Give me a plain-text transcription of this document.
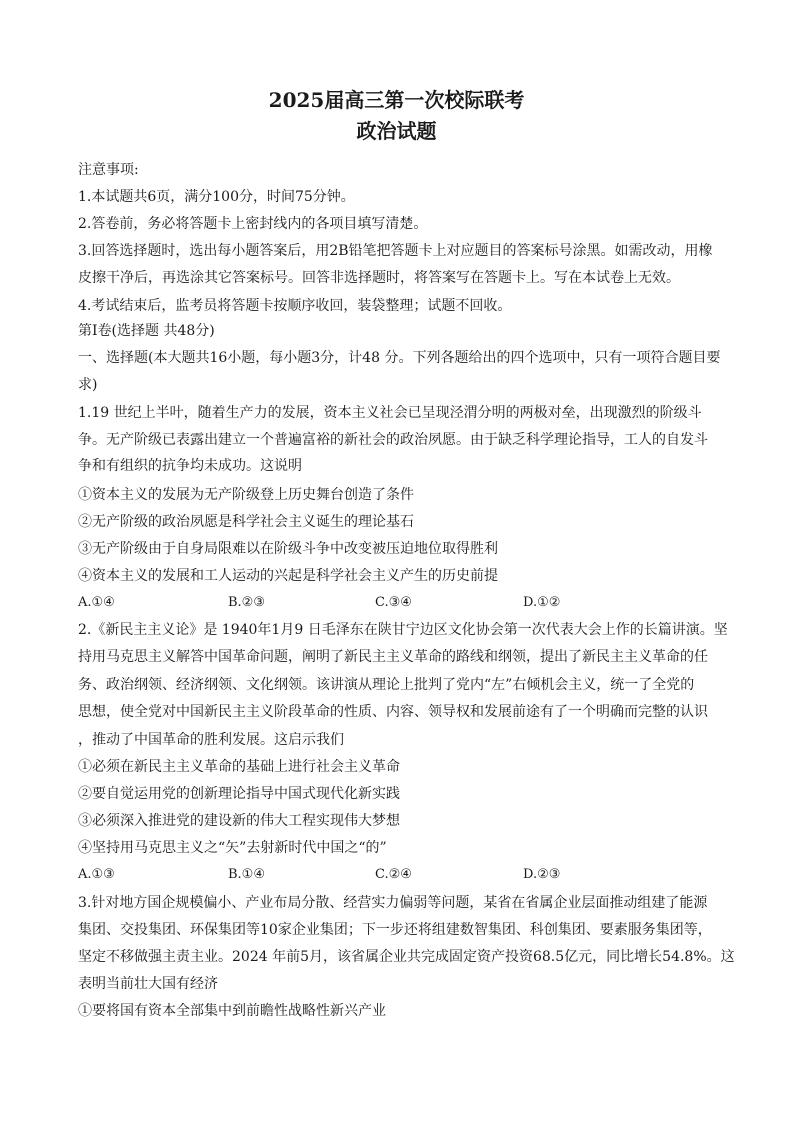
2025届高三第一次校际联考
政治试题
注意事项:
1.本试题共6页，满分100分，时间75分钟。
2.答卷前，务必将答题卡上密封线内的各项目填写清楚。
3.回答选择题时，选出每小题答案后，用2B铅笔把答题卡上对应题目的答案标号涂黑。如需改动，用橡
皮擦干净后，再选涂其它答案标号。回答非选择题时，将答案写在答题卡上。写在本试卷上无效。
4.考试结束后，监考员将答题卡按顺序收回，装袋整理；试题不回收。
第Ⅰ卷(选择题 共48分)
一、选择题(本大题共16小题，每小题3分，计48 分。下列各题给出的四个选项中，只有一项符合题目要
求)
1.19 世纪上半叶，随着生产力的发展，资本主义社会已呈现泾渭分明的两极对垒，出现激烈的阶级斗
争。无产阶级已表露出建立一个普遍富裕的新社会的政治夙愿。由于缺乏科学理论指导，工人的自发斗
争和有组织的抗争均未成功。这说明
①资本主义的发展为无产阶级登上历史舞台创造了条件
②无产阶级的政治夙愿是科学社会主义诞生的理论基石
③无产阶级由于自身局限难以在阶级斗争中改变被压迫地位取得胜利
④资本主义的发展和工人运动的兴起是科学社会主义产生的历史前提
A.①④	B.②③	C.③④	D.①②
2.《新民主主义论》是 1940年1月9 日毛泽东在陕甘宁边区文化协会第一次代表大会上作的长篇讲演。坚
持用马克思主义解答中国革命问题，阐明了新民主主义革命的路线和纲领，提出了新民主主义革命的任
务、政治纲领、经济纲领、文化纲领。该讲演从理论上批判了党内“左”右倾机会主义，统一了全党的
思想，使全党对中国新民主主义阶段革命的性质、内容、领导权和发展前途有了一个明确而完整的认识
，推动了中国革命的胜利发展。这启示我们
①必须在新民主主义革命的基础上进行社会主义革命
②要自觉运用党的创新理论指导中国式现代化新实践
③必须深入推进党的建设新的伟大工程实现伟大梦想
④坚持用马克思主义之“矢”去射新时代中国之“的”
A.①③	B.①④	C.②④	D.②③
3.针对地方国企规模偏小、产业布局分散、经营实力偏弱等问题，某省在省属企业层面推动组建了能源
集团、交投集团、环保集团等10家企业集团；下一步还将组建数智集团、科创集团、要素服务集团等，
坚定不移做强主责主业。2024 年前5月，该省属企业共完成固定资产投资68.5亿元，同比增长54.8%。这
表明当前壮大国有经济
①要将国有资本全部集中到前瞻性战略性新兴产业
